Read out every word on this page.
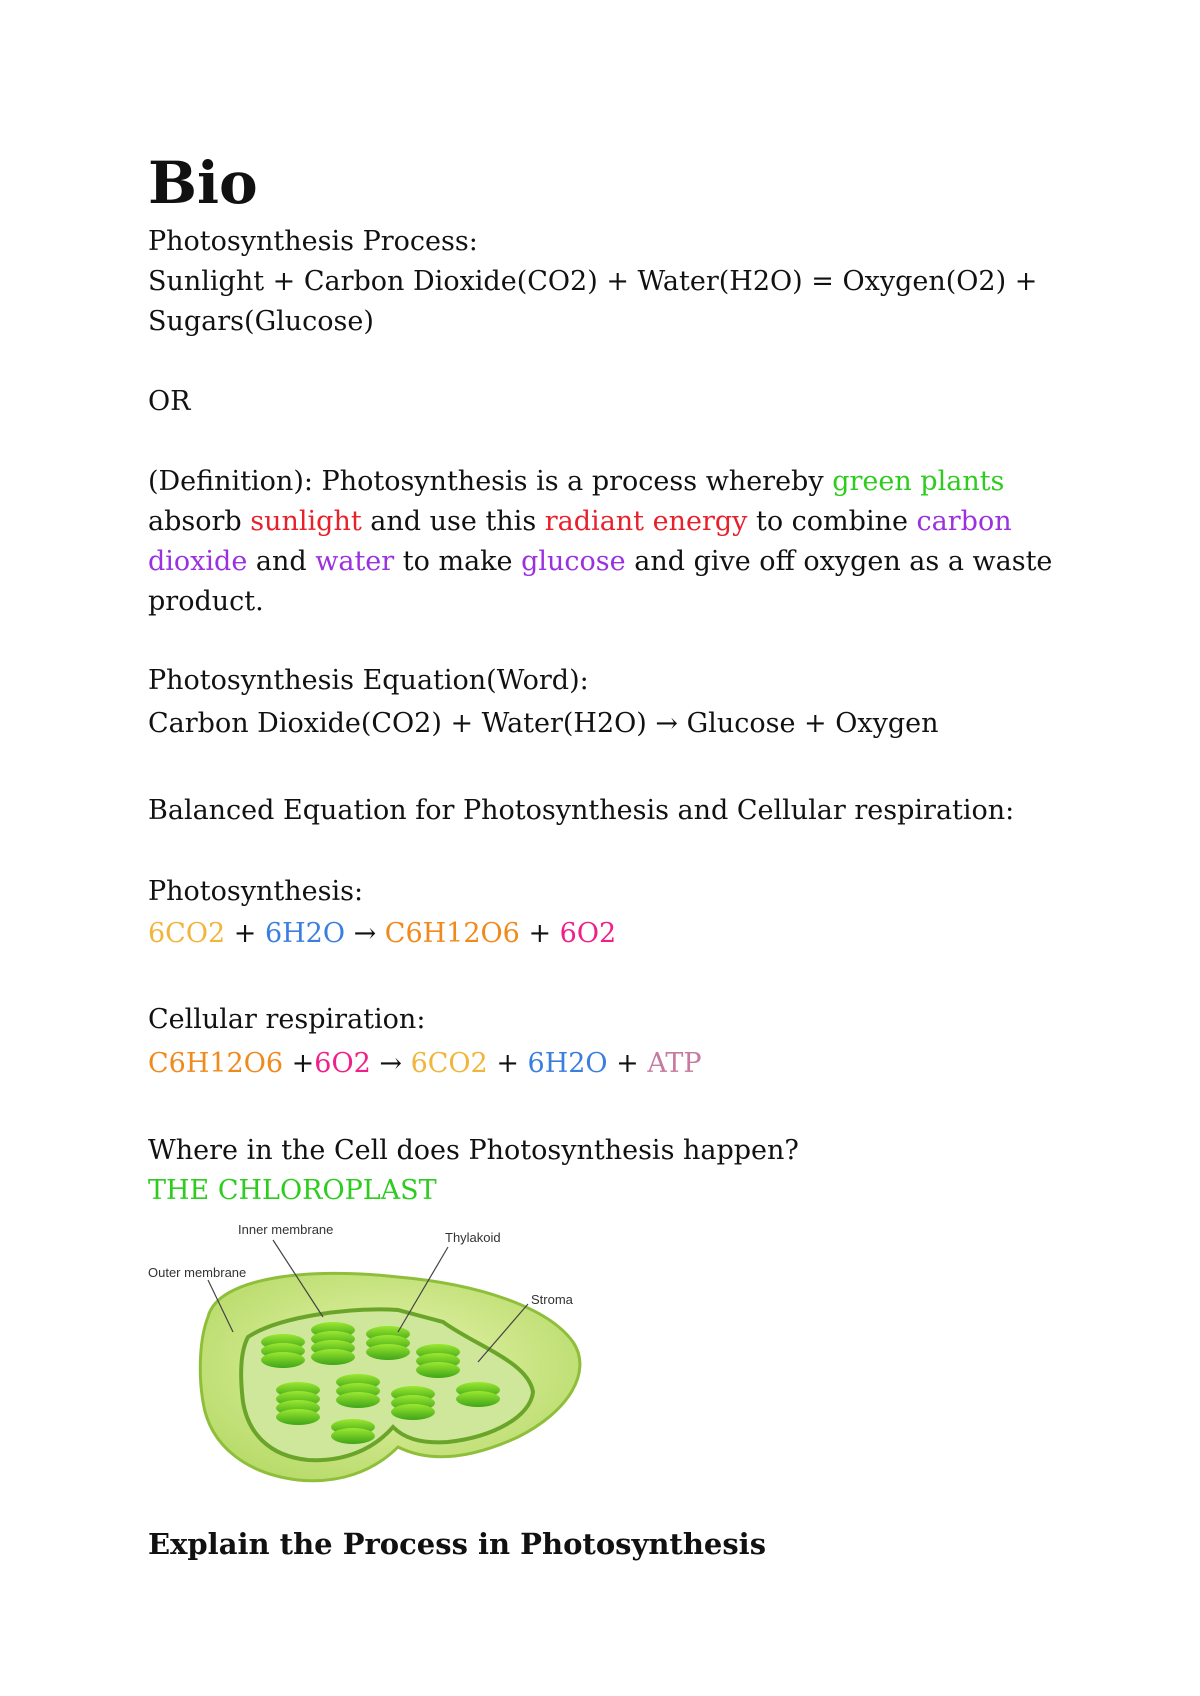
Bio
Photosynthesis Process:
Sunlight + Carbon Dioxide(CO2) + Water(H2O) = Oxygen(O2) +
Sugars(Glucose)
OR
(Definition): Photosynthesis is a process whereby green plants
absorb sunlight and use this radiant energy to combine carbon
dioxide and water to make glucose and give off oxygen as a waste
product.
Photosynthesis Equation(Word):
Carbon Dioxide(CO2) + Water(H2O) → Glucose + Oxygen
Balanced Equation for Photosynthesis and Cellular respiration:
Photosynthesis:
6CO2 + 6H2O → C6H12O6 + 6O2
Cellular respiration:
C6H12O6 +6O2 → 6CO2 + 6H2O + ATP
Where in the Cell does Photosynthesis happen?
THE CHLOROPLAST
Inner membrane
Thylakoid
Outer membrane
Stroma
Explain the Process in Photosynthesis
